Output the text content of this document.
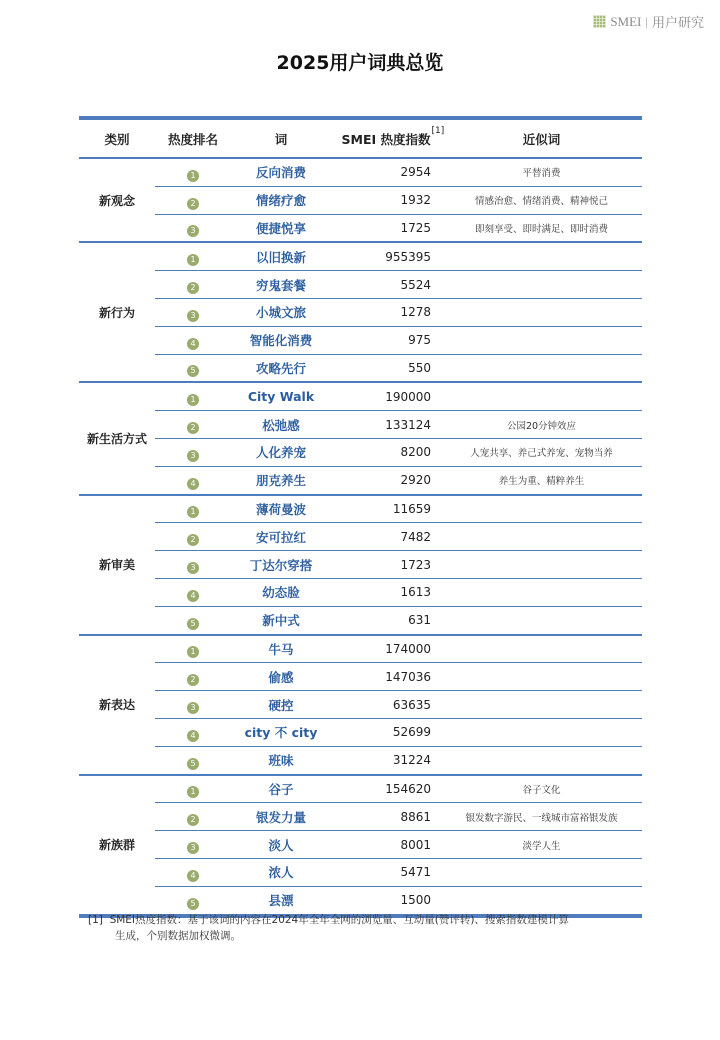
SMEI | 用户研究
2025用户词典总览
类别	热度排名	词	SMEI 热度指数
[1]
近似词
新观念
1	反向消费	2954	平替消费
2	情绪疗愈	1932	情感治愈、情绪消费、精神悦己
3	便捷悦享	1725	即刻享受、即时满足、即时消费
新行为
1	以旧换新	955395
2	穷鬼套餐	5524
3	小城文旅	1278
4	智能化消费	975
5	攻略先行	550
新生活方式
1	City Walk	190000
2	松弛感	133124	公园20分钟效应
3	人化养宠	8200	人宠共享、养己式养宠、宠物当养
4	朋克养生	2920	养生为重、精粹养生
新审美
1	薄荷曼波	11659
2	安可拉红	7482
3	丁达尔穿搭	1723
4	幼态脸	1613
5	新中式	631
新表达
1	牛马	174000
2	偷感	147036
3	硬控	63635
4	city 不 city	52699
5	班味	31224
新族群
1	谷子	154620	谷子文化
2	银发力量	8861	银发数字游民、一线城市富裕银发族
3	淡人	8001	淡学人生
4	浓人	5471
5	县漂	1500
[1] SMEI热度指数：基于该词的内容在2024年全年全网的浏览量、互动量(赞评转)、搜索指数建模计算
生成，个别数据加权微调。
